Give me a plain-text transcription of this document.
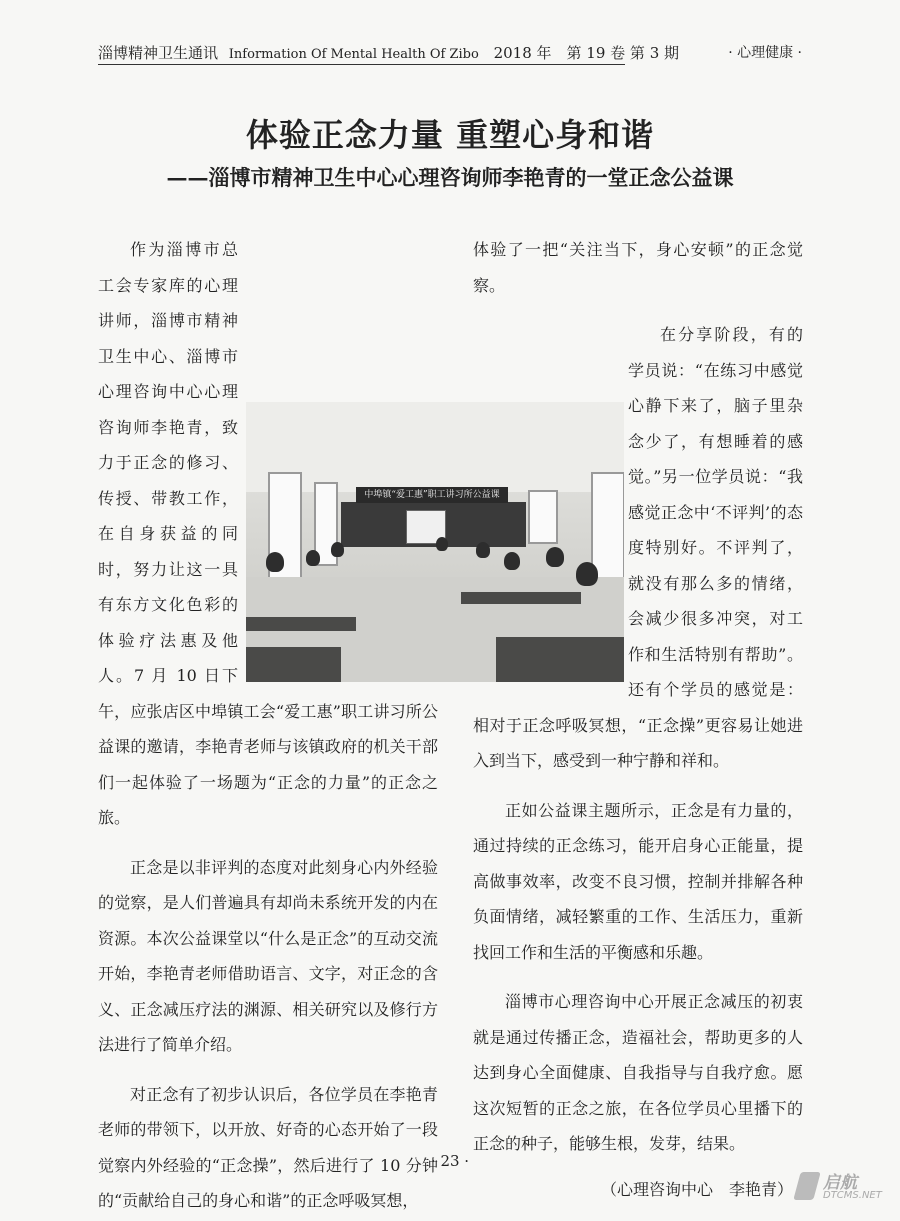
淄博精神卫生通讯 Information Of Mental Health Of Zibo 2018 年　第 19 卷 第 3 期	· 心理健康 ·
体验正念力量 重塑心身和谐
——淄博市精神卫生中心心理咨询师李艳青的一堂正念公益课

作为淄博市总工会专家库的心理讲师，淄博市精神卫生中心、淄博市心理咨询中心心理咨询师李艳青，致力于正念的修习、传授、带教工作，在自身获益的同时，努力让这一具有东方文化色彩的体验疗法惠及他人。7 月 10 日下午，应张店区中埠镇工会“爱工惠”职工讲习所公益课的邀请，李艳青老师与该镇政府的机关干部们一起体验了一场题为“正念的力量”的正念之旅。

正念是以非评判的态度对此刻身心内外经验的觉察，是人们普遍具有却尚未系统开发的内在资源。本次公益课堂以“什么是正念”的互动交流开始，李艳青老师借助语言、文字，对正念的含义、正念减压疗法的渊源、相关研究以及修行方法进行了简单介绍。

对正念有了初步认识后，各位学员在李艳青老师的带领下，以开放、好奇的心态开始了一段觉察内外经验的“正念操”，然后进行了 10 分钟的“贡献给自己的身心和谐”的正念呼吸冥想，

体验了一把“关注当下，身心安顿”的正念觉察。

在分享阶段，有的学员说：“在练习中感觉心静下来了，脑子里杂念少了，有想睡着的感觉。”另一位学员说：“我感觉正念中‘不评判’的态度特别好。不评判了，就没有那么多的情绪，会减少很多冲突，对工作和生活特别有帮助”。还有个学员的感觉是：相对于正念呼吸冥想，“正念操”更容易让她进入到当下，感受到一种宁静和祥和。

正如公益课主题所示，正念是有力量的，通过持续的正念练习，能开启身心正能量，提高做事效率，改变不良习惯，控制并排解各种负面情绪，减轻繁重的工作、生活压力，重新找回工作和生活的平衡感和乐趣。

淄博市心理咨询中心开展正念减压的初衷就是通过传播正念，造福社会，帮助更多的人达到身心全面健康、自我指导与自我疗愈。愿这次短暂的正念之旅，在各位学员心里播下的正念的种子，能够生根，发芽，结果。

（心理咨询中心　李艳青）

中埠镇“爱工惠”职工讲习所公益课
· 23 ·
启航
DTCMS.NET
